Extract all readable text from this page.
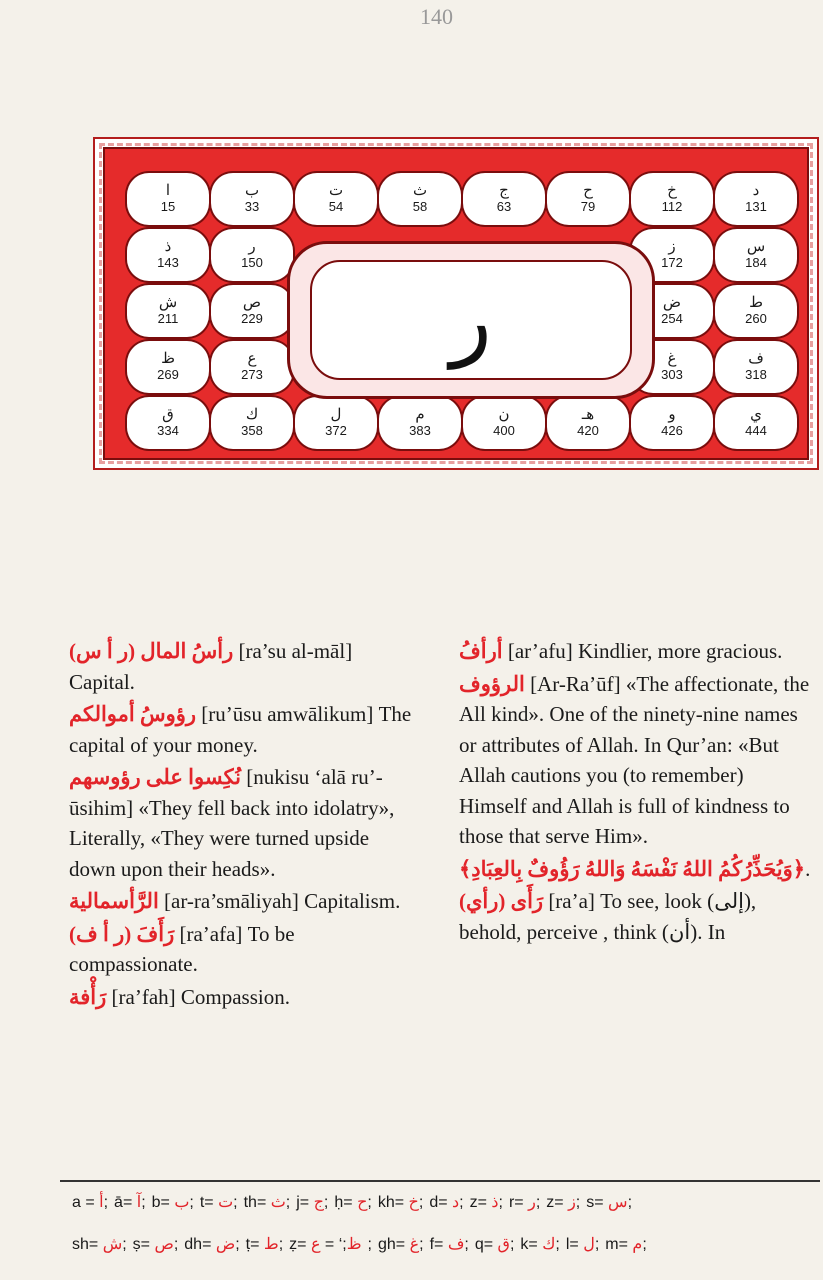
140
ا
15
ب
33
ت
54
ث
58
ج
63
ح
79
خ
112
د
131
ذ
143
ر
150
ز
172
س
184
ش
211
ص
229
ض
254
ط
260
ظ
269
ع
273
غ
303
ف
318
ق
334
ك
358
ل
372
م
383
ن
400
هـ
420
و
426
ي
444
ر

رأسُ المال (ر أ س) [ra’su al-māl] Capital.

رؤوسُ أموالكم [ru’ūsu amwālikum] The capital of your money.

نُكِسوا على رؤوسهم [nukisu ‘alā ru’-ūsihim] «They fell back into idolatry», Literally, «They were turned upside down upon their heads».

الرَّأسمالية [ar-ra’smāliyah] Capitalism.

رَأَفَ (ر أ ف) [ra’afa] To be compassionate.

رَأْفة [ra’fah] Compassion.

أرأفُ [ar’afu] Kindlier, more gracious.

الرؤوف [Ar-Ra’ūf] «The affectionate, the All kind». One of the ninety-nine names or attributes of Allah. In Qur’an: «But Allah cautions you (to remember) Himself and Allah is full of kindness to those that serve Him».

﴿وَيُحَذِّرُكُمُ اللهُ نَفْسَهُ وَاللهُ رَؤُوفٌ بِالعِبَادِ﴾.

رَأَى (رأي) [ra’a] To see, look (إلى), behold, perceive , think (أن). In

a = أ; ā= آ; b= ب; t= ت; th= ث; j= ج; ḥ= ح; kh= خ; d= د; z= ذ; r= ر; z= ز; s= س;
sh= ش; ṣ= ص; dh= ض; ṭ= ط; ẓ= ظ;‘ = ع	; gh= غ; f= ف; q= ق; k= ك; l= ل; m= م;
